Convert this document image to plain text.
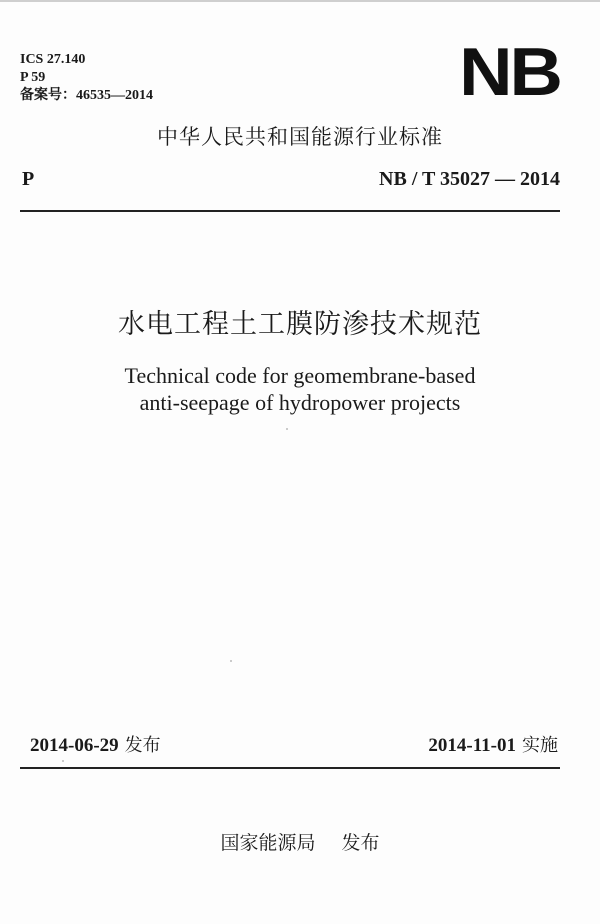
ICS 27.140
P 59
备案号：46535—2014	NB
中华人民共和国能源行业标准
P	NB / T 35027 — 2014
水电工程土工膜防渗技术规范
Technical code for geomembrane-based
anti-seepage of hydropower projects
2014-06-29 发布	2014-11-01 实施
国家能源局 发布
